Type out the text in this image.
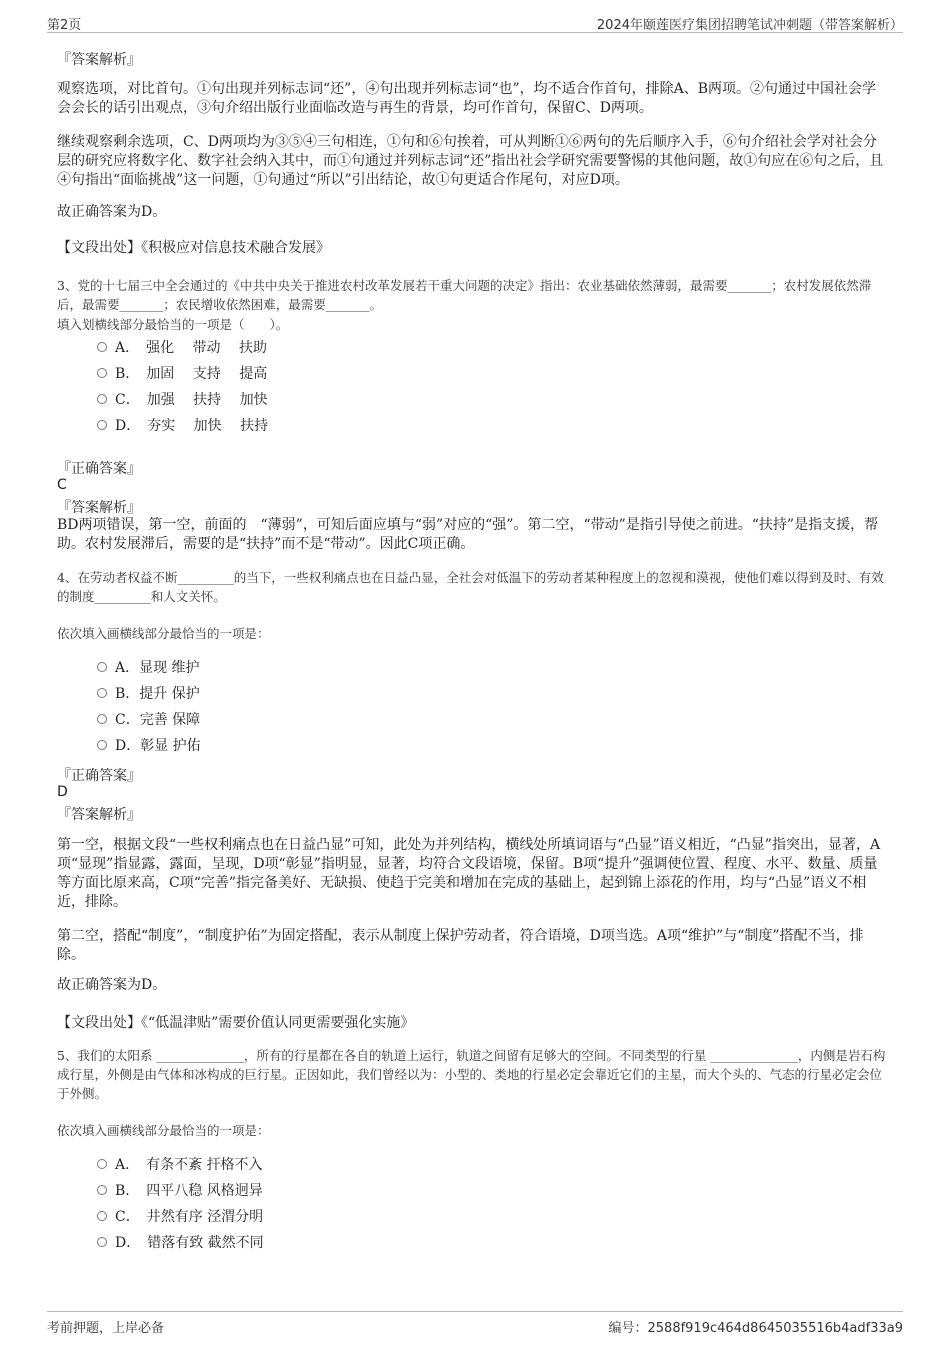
第2页	2024年颐莲医疗集团招聘笔试冲刺题（带答案解析）
『答案解析』
观察选项，对比首句。①句出现并列标志词“还”，④句出现并列标志词“也”，均不适合作首句，排除A、B两项。②句通过中国社会学会会长的话引出观点，③句介绍出版行业面临改造与再生的背景，均可作首句，保留C、D两项。
继续观察剩余选项，C、D两项均为③⑤④三句相连，①句和⑥句挨着，可从判断①⑥两句的先后顺序入手，⑥句介绍社会学对社会分层的研究应将数字化、数字社会纳入其中，而①句通过并列标志词“还”指出社会学研究需要警惕的其他问题，故①句应在⑥句之后，且④句指出“面临挑战”这一问题，①句通过“所以”引出结论，故①句更适合作尾句，对应D项。
故正确答案为D。
【文段出处】《积极应对信息技术融合发展》
3、党的十七届三中全会通过的《中共中央关于推进农村改革发展若干重大问题的决定》指出：农业基础依然薄弱，最需要_______；农村发展依然滞后，最需要_______；农民增收依然困难，最需要_______。
填入划横线部分最恰当的一项是（　　）。
A．　强化　 带动　 扶助
B．　加固　 支持　 提高
C．　加强　 扶持　 加快
D．　夯实　 加快　 扶持
『正确答案』
C
『答案解析』
BD两项错误，第一空，前面的　“薄弱”，可知后面应填与“弱”对应的“强”。第二空，“带动”是指引导使之前进。“扶持”是指支援，帮助。农村发展滞后，需要的是“扶持”而不是“带动”。因此C项正确。
4、在劳动者权益不断_________的当下，一些权利痛点也在日益凸显，全社会对低温下的劳动者某种程度上的忽视和漠视，使他们难以得到及时、有效的制度_________和人文关怀。
依次填入画横线部分最恰当的一项是：
A．显现 维护
B．提升 保护
C．完善 保障
D．彰显 护佑
『正确答案』
D
『答案解析』
第一空，根据文段“一些权利痛点也在日益凸显”可知，此处为并列结构，横线处所填词语与“凸显”语义相近，“凸显”指突出，显著，A项“显现”指显露，露面，呈现，D项“彰显”指明显，显著，均符合文段语境，保留。B项“提升”强调使位置、程度、水平、数量、质量等方面比原来高，C项“完善”指完备美好、无缺损、使趋于完美和增加在完成的基础上，起到锦上添花的作用，均与“凸显”语义不相近，排除。
第二空，搭配“制度”，“制度护佑”为固定搭配，表示从制度上保护劳动者，符合语境，D项当选。A项“维护”与“制度”搭配不当，排除。
故正确答案为D。
【文段出处】《“低温津贴”需要价值认同更需要强化实施》
5、我们的太阳系 ______________，所有的行星都在各自的轨道上运行，轨道之间留有足够大的空间。不同类型的行星 ______________，内侧是岩石构成行星，外侧是由气体和冰构成的巨行星。正因如此，我们曾经以为：小型的、类地的行星必定会靠近它们的主星，而大个头的、气态的行星必定会位于外侧。
依次填入画横线部分最恰当的一项是：
A．　有条不紊 扞格不入
B．　四平八稳 风格迥异
C．　井然有序 泾渭分明
D．　错落有致 截然不同
考前押题，上岸必备	编号：2588f919c464d8645035516b4adf33a9
